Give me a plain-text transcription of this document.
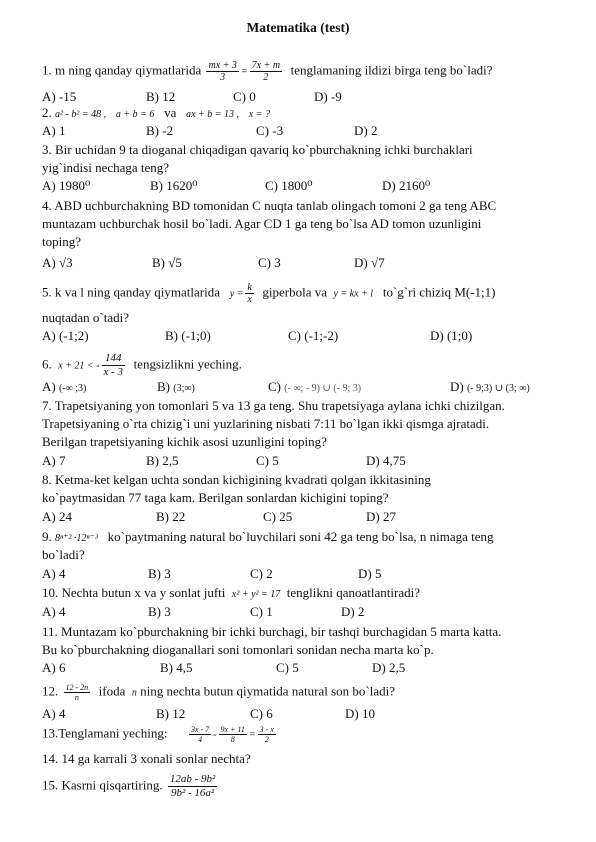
Matematika (test)
1. m ning qanday qiymatlarida $\frac{mx + 3}{3} = \frac{7x + m}{2}$ tenglamaning ildizi birga teng bo`ladi?
A) -15	B) 12	C) 0	D) -9
2. a² - b² = 48 , a + b = 6 va ax + b = 13 , x = ?
A) 1	B) -2	C) -3	D) 2
3. Bir uchidan 9 ta dioganal chiqadigan qavariq ko`pburchakning ichki burchaklari
yig`indisi nechaga teng?
A) 1980⁰	B) 1620⁰	C) 1800⁰	D) 2160⁰
4. ABD uchburchakning BD tomonidan C nuqta tanlab olingach tomoni 2 ga teng ABC
muntazam uchburchak hosil bo`ladi. Agar CD 1 ga teng bo`lsa AD tomon uzunligini
toping?
A) √3	B) √5	C) 3	D) √7
5. k va l ning qanday qiymatlarida $y = \frac{k}{x}$ giperbola va y = kx + l to`g`ri chiziq M(-1;1)
nuqtadan o`tadi?
A) (-1;2)	B) (-1;0)	C) (-1;-2)	D) (1;0)
6. x + 21 < - $\frac{144}{x - 3}$ tengsizlikni yeching.
A) (-∞ ;3)	B) (3;∞)	C) (- ∞; - 9) ∪ (- 9; 3)	D) (- 9;3) ∪ (3; ∞)
7. Trapetsiyaning yon tomonlari 5 va 13 ga teng. Shu trapetsiyaga aylana ichki chizilgan.
Trapetsiyaning o`rta chizig`i uni yuzlarining nisbati 7:11 bo`lgan ikki qismga ajratadi.
Berilgan trapetsiyaning kichik asosi uzunligini toping?
A) 7	B) 2,5	C) 5	D) 4,75
8. Ketma-ket kelgan uchta sondan kichigining kvadrati qolgan ikkitasining
ko`paytmasidan 77 taga kam. Berilgan sonlardan kichigini toping?
A) 24	B) 22	C) 25	D) 27
9. 8ⁿ⁺² ·12ⁿ⁻³ ko`paytmaning natural bo`luvchilari soni 42 ga teng bo`lsa, n nimaga teng
bo`ladi?
A) 4	B) 3	C) 2	D) 5
10. Nechta butun x va y sonlat jufti x² + y² = 17 tenglikni qanoatlantiradi?
A) 4	B) 3	C) 1	D) 2
11. Muntazam ko`pburchakning bir ichki burchagi, bir tashqi burchagidan 5 marta katta.
Bu ko`pburchakning dioganallari soni tomonlari sonidan necha marta ko`p.
A) 6	B) 4,5	C) 5	D) 2,5
12. $\frac{12 - 2n}{n}$ ifoda n ning nechta butun qiymatida natural son bo`ladi?
A) 4	B) 12	C) 6	D) 10
13.Tenglamani yeching:	$\frac{3x - 7}{4} - \frac{9x + 11}{8} = \frac{3 - x}{2}$
14. 14 ga karrali 3 xonali sonlar nechta?
15. Kasrni qisqartiring. $\frac{\text{12ab - 9b²}}{\text{9b² - 16a²}}$
